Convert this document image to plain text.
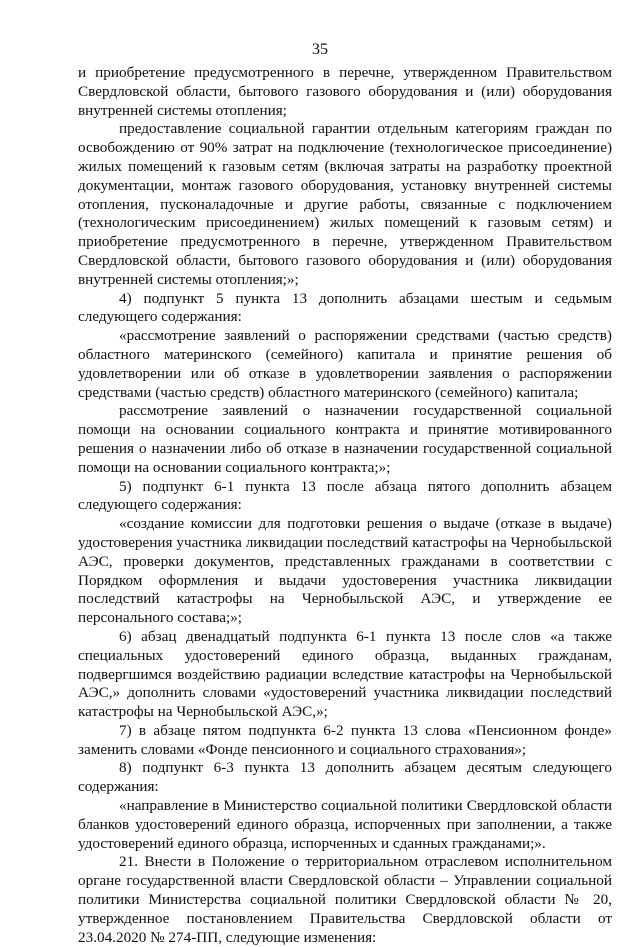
35

и приобретение предусмотренного в перечне, утвержденном Правительством Свердловской области, бытового газового оборудования и (или) оборудования внутренней системы отопления;

предоставление социальной гарантии отдельным категориям граждан по освобождению от 90% затрат на подключение (технологическое присоединение) жилых помещений к газовым сетям (включая затраты на разработку проектной документации, монтаж газового оборудования, установку внутренней системы отопления, пусконаладочные и другие работы, связанные с подключением (технологическим присоединением) жилых помещений к газовым сетям) и приобретение предусмотренного в перечне, утвержденном Правительством Свердловской области, бытового газового оборудования и (или) оборудования внутренней системы отопления;»;

4) подпункт 5 пункта 13 дополнить абзацами шестым и седьмым следующего содержания:

«рассмотрение заявлений о распоряжении средствами (частью средств) областного материнского (семейного) капитала и принятие решения об удовлетворении или об отказе в удовлетворении заявления о распоряжении средствами (частью средств) областного материнского (семейного) капитала;

рассмотрение заявлений о назначении государственной социальной помощи на основании социального контракта и принятие мотивированного решения о назначении либо об отказе в назначении государственной социальной помощи на основании социального контракта;»;

5) подпункт 6-1 пункта 13 после абзаца пятого дополнить абзацем следующего содержания:

«создание комиссии для подготовки решения о выдаче (отказе в выдаче) удостоверения участника ликвидации последствий катастрофы на Чернобыльской АЭС, проверки документов, представленных гражданами в соответствии с Порядком оформления и выдачи удостоверения участника ликвидации последствий катастрофы на Чернобыльской АЭС, и утверждение ее персонального состава;»;

6) абзац двенадцатый подпункта 6-1 пункта 13 после слов «а также специальных удостоверений единого образца, выданных гражданам, подвергшимся воздействию радиации вследствие катастрофы на Чернобыльской АЭС,» дополнить словами «удостоверений участника ликвидации последствий катастрофы на Чернобыльской АЭС,»;

7) в абзаце пятом подпункта 6-2 пункта 13 слова «Пенсионном фонде» заменить словами «Фонде пенсионного и социального страхования»;

8) подпункт 6-3 пункта 13 дополнить абзацем десятым следующего содержания:

«направление в Министерство социальной политики Свердловской области бланков удостоверений единого образца, испорченных при заполнении, а также удостоверений единого образца, испорченных и сданных гражданами;».

21. Внести в Положение о территориальном отраслевом исполнительном органе государственной власти Свердловской области – Управлении социальной политики Министерства социальной политики Свердловской области № 20, утвержденное постановлением Правительства Свердловской области от 23.04.2020 № 274-ПП, следующие изменения:
